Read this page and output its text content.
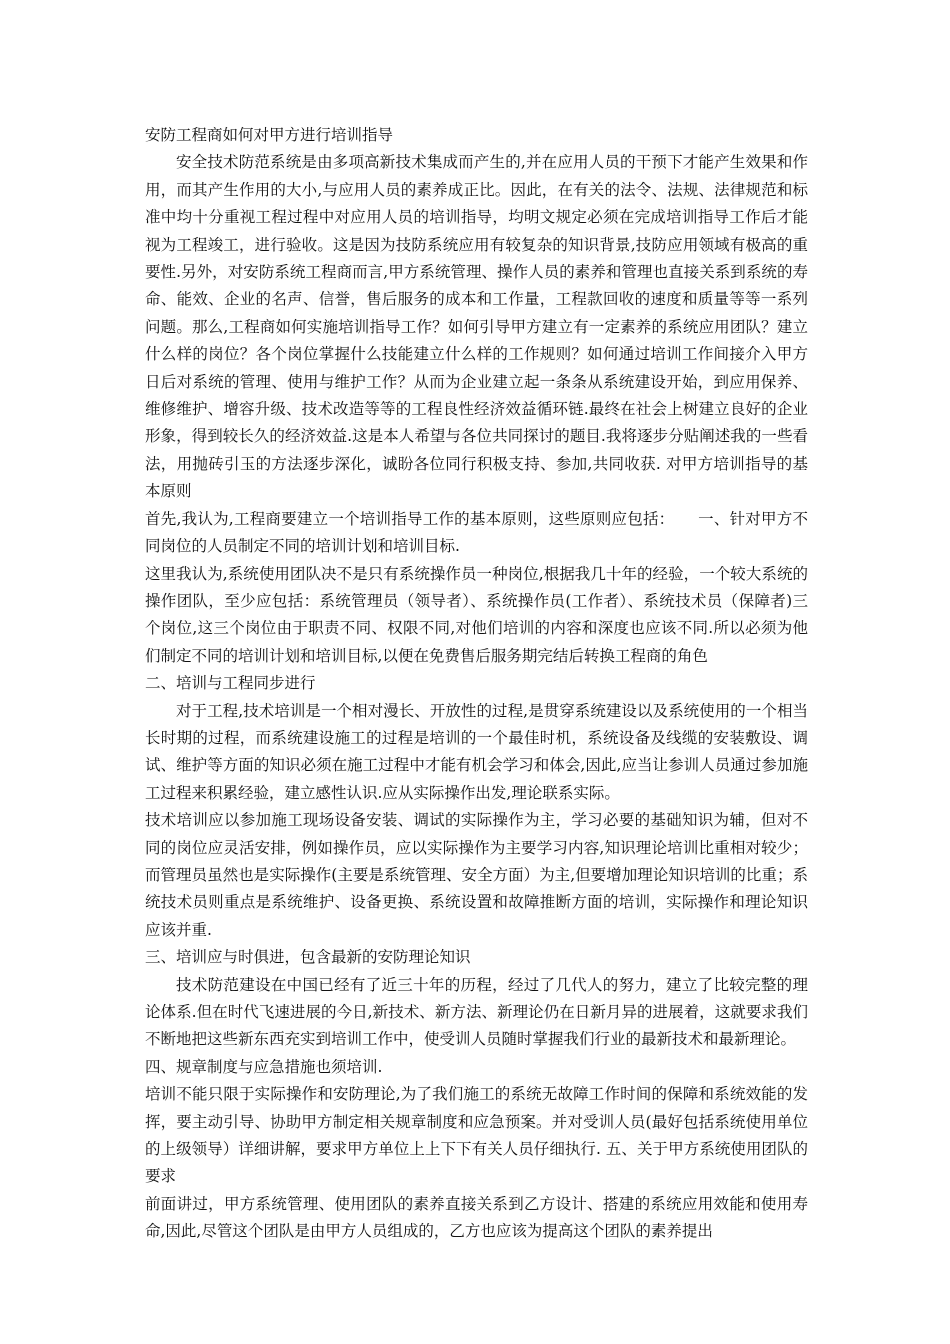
安防工程商如何对甲方进行培训指导

安全技术防范系统是由多项高新技术集成而产生的,并在应用人员的干预下才能产生效果和作用，而其产生作用的大小,与应用人员的素养成正比。因此，在有关的法令、法规、法律规范和标准中均十分重视工程过程中对应用人员的培训指导，均明文规定必须在完成培训指导工作后才能视为工程竣工，进行验收。这是因为技防系统应用有较复杂的知识背景,技防应用领域有极高的重要性.另外，对安防系统工程商而言,甲方系统管理、操作人员的素养和管理也直接关系到系统的寿命、能效、企业的名声、信誉，售后服务的成本和工作量，工程款回收的速度和质量等等一系列问题。那么,工程商如何实施培训指导工作？如何引导甲方建立有一定素养的系统应用团队？建立什么样的岗位？各个岗位掌握什么技能建立什么样的工作规则？如何通过培训工作间接介入甲方日后对系统的管理、使用与维护工作？从而为企业建立起一条条从系统建设开始，到应用保养、维修维护、增容升级、技术改造等等的工程良性经济效益循环链.最终在社会上树建立良好的企业形象，得到较长久的经济效益.这是本人希望与各位共同探讨的题目.我将逐步分贴阐述我的一些看法，用抛砖引玉的方法逐步深化，诚盼各位同行积极支持、参加,共同收获. 对甲方培训指导的基本原则

首先,我认为,工程商要建立一个培训指导工作的基本原则，这些原则应包括：　　一、针对甲方不同岗位的人员制定不同的培训计划和培训目标.

这里我认为,系统使用团队决不是只有系统操作员一种岗位,根据我几十年的经验，一个较大系统的操作团队，至少应包括：系统管理员（领导者）、系统操作员(工作者）、系统技术员（保障者)三个岗位,这三个岗位由于职责不同、权限不同,对他们培训的内容和深度也应该不同.所以必须为他们制定不同的培训计划和培训目标,以便在免费售后服务期完结后转换工程商的角色

二、培训与工程同步进行

对于工程,技术培训是一个相对漫长、开放性的过程,是贯穿系统建设以及系统使用的一个相当长时期的过程，而系统建设施工的过程是培训的一个最佳时机，系统设备及线缆的安装敷设、调试、维护等方面的知识必须在施工过程中才能有机会学习和体会,因此,应当让参训人员通过参加施工过程来积累经验，建立感性认识.应从实际操作出发,理论联系实际。

技术培训应以参加施工现场设备安装、调试的实际操作为主，学习必要的基础知识为辅，但对不同的岗位应灵活安排，例如操作员，应以实际操作为主要学习内容,知识理论培训比重相对较少；而管理员虽然也是实际操作(主要是系统管理、安全方面）为主,但要增加理论知识培训的比重；系统技术员则重点是系统维护、设备更换、系统设置和故障推断方面的培训，实际操作和理论知识应该并重.

三、培训应与时俱进，包含最新的安防理论知识

技术防范建设在中国已经有了近三十年的历程，经过了几代人的努力，建立了比较完整的理论体系.但在时代飞速进展的今日,新技术、新方法、新理论仍在日新月异的进展着，这就要求我们不断地把这些新东西充实到培训工作中，使受训人员随时掌握我们行业的最新技术和最新理论。

四、规章制度与应急措施也须培训.

培训不能只限于实际操作和安防理论,为了我们施工的系统无故障工作时间的保障和系统效能的发挥，要主动引导、协助甲方制定相关规章制度和应急预案。并对受训人员(最好包括系统使用单位的上级领导）详细讲解，要求甲方单位上上下下有关人员仔细执行. 五、关于甲方系统使用团队的要求

前面讲过，甲方系统管理、使用团队的素养直接关系到乙方设计、搭建的系统应用效能和使用寿命,因此,尽管这个团队是由甲方人员组成的，乙方也应该为提高这个团队的素养提出
